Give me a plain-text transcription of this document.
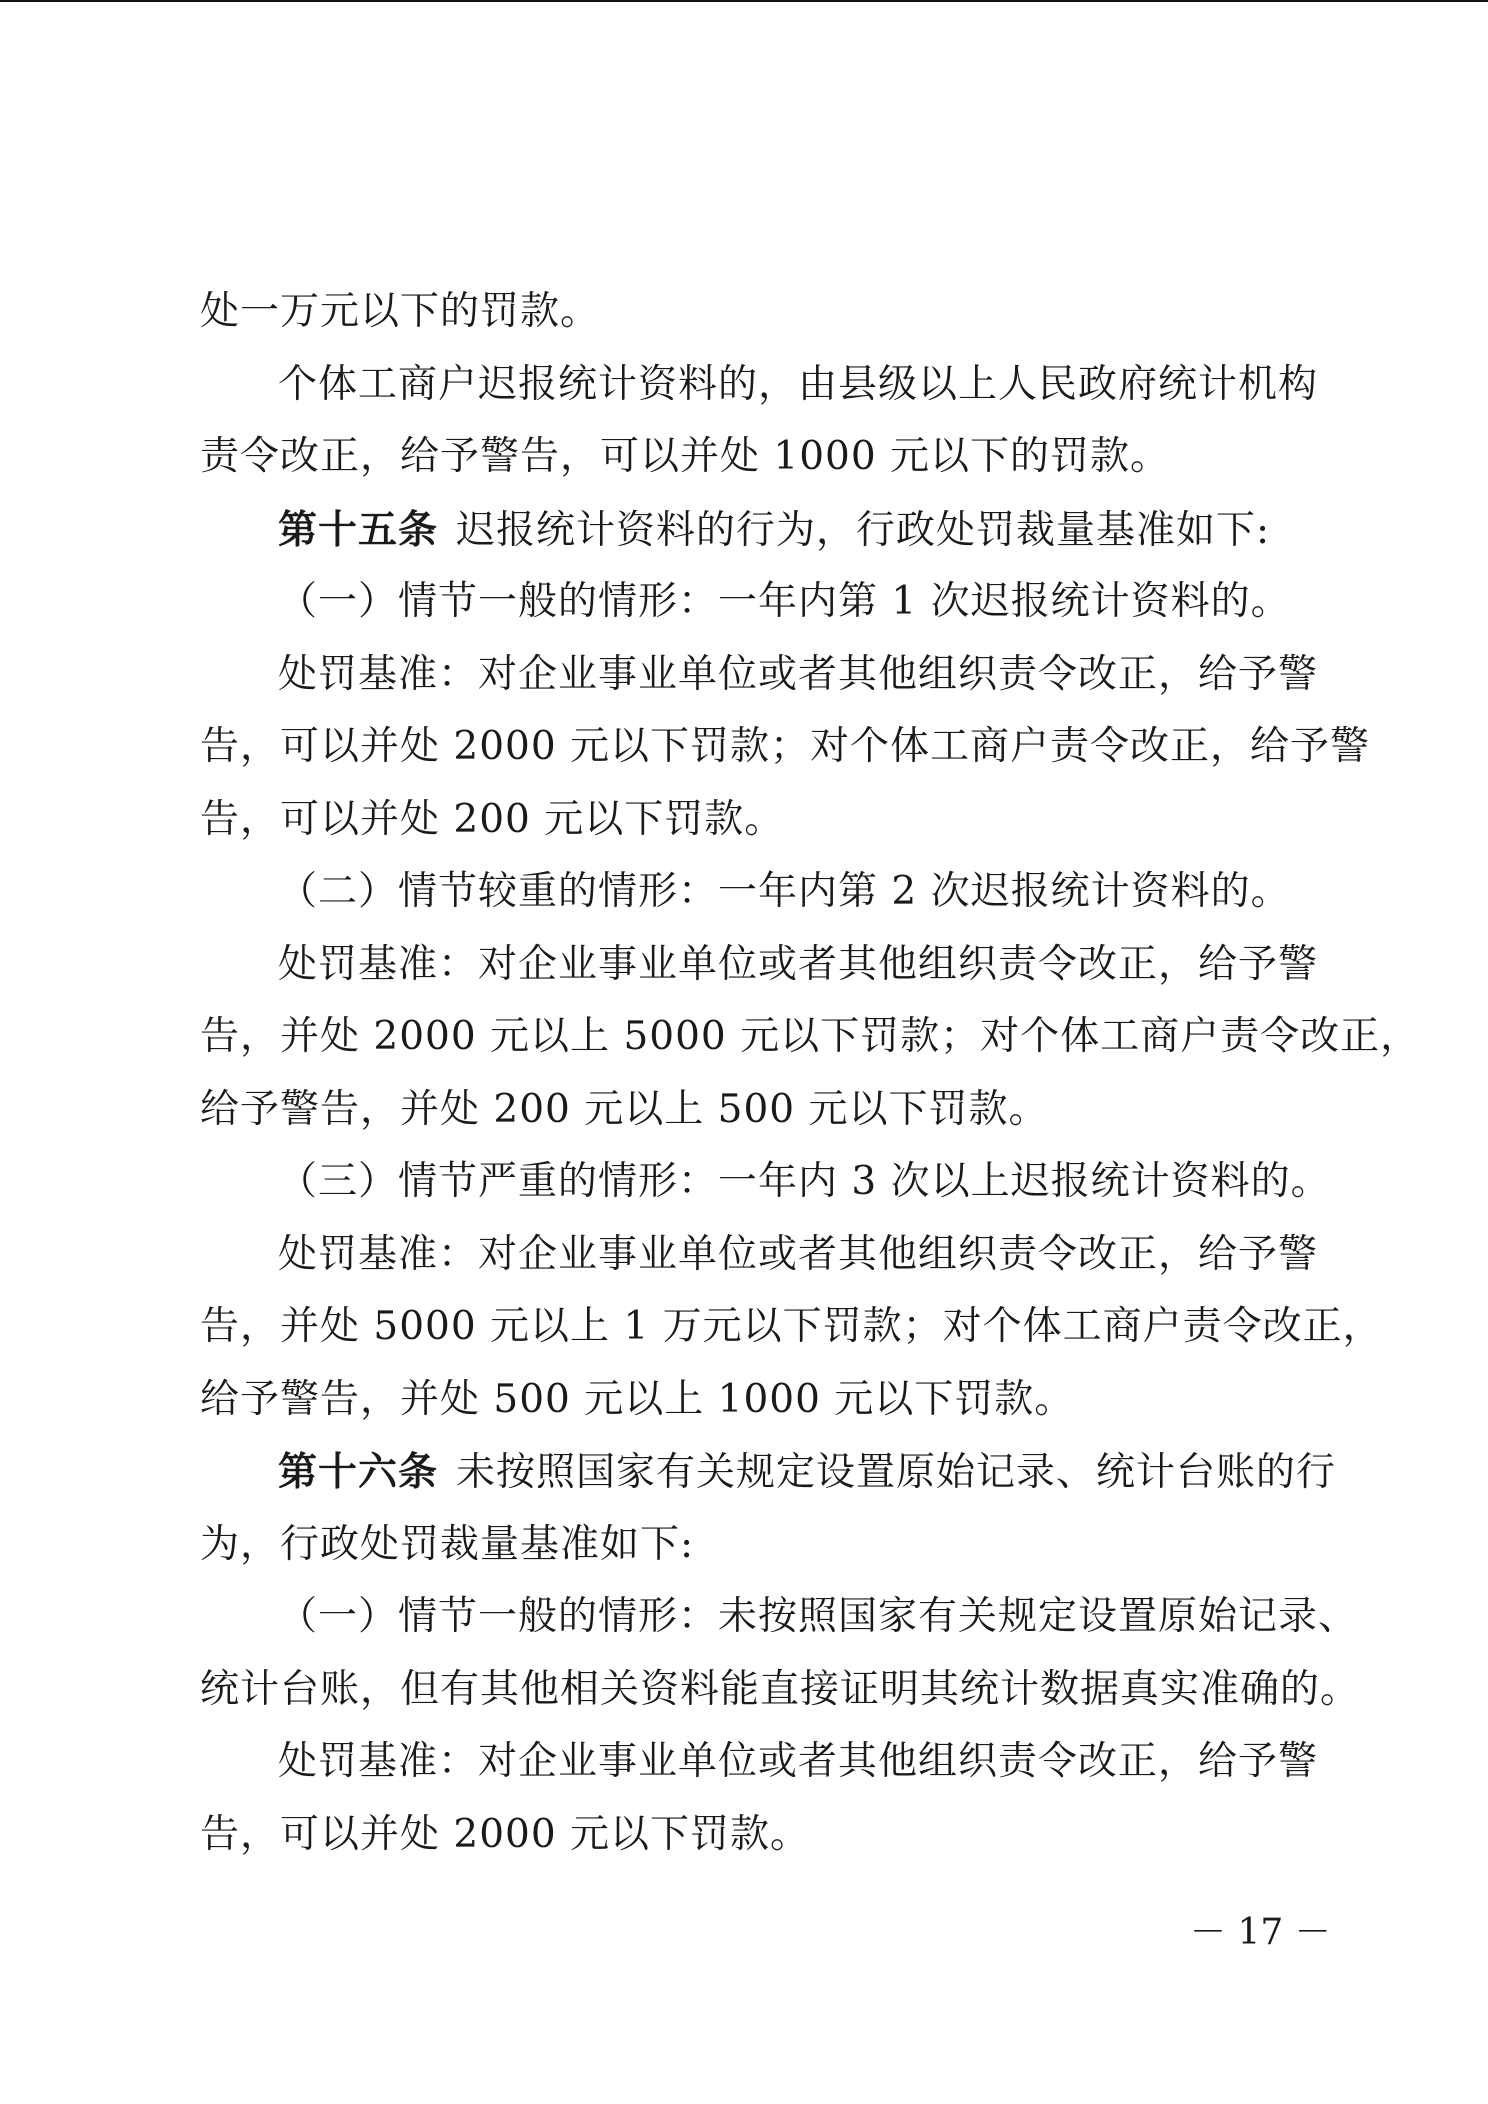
处一万元以下的罚款。
个体工商户迟报统计资料的，由县级以上人民政府统计机构
责令改正，给予警告，可以并处 1000 元以下的罚款。
第十五条 迟报统计资料的行为，行政处罚裁量基准如下:
（一）情节一般的情形：一年内第 1 次迟报统计资料的。
处罚基准：对企业事业单位或者其他组织责令改正，给予警
告，可以并处 2000 元以下罚款；对个体工商户责令改正，给予警
告，可以并处 200 元以下罚款。
（二）情节较重的情形：一年内第 2 次迟报统计资料的。
处罚基准：对企业事业单位或者其他组织责令改正，给予警
告，并处 2000 元以上 5000 元以下罚款；对个体工商户责令改正，
给予警告，并处 200 元以上 500 元以下罚款。
（三）情节严重的情形：一年内 3 次以上迟报统计资料的。
处罚基准：对企业事业单位或者其他组织责令改正，给予警
告，并处 5000 元以上 1 万元以下罚款；对个体工商户责令改正，
给予警告，并处 500 元以上 1000 元以下罚款。
第十六条 未按照国家有关规定设置原始记录、统计台账的行
为，行政处罚裁量基准如下:
（一）情节一般的情形：未按照国家有关规定设置原始记录、
统计台账，但有其他相关资料能直接证明其统计数据真实准确的。
处罚基准：对企业事业单位或者其他组织责令改正，给予警
告，可以并处 2000 元以下罚款。
－ 17 －
